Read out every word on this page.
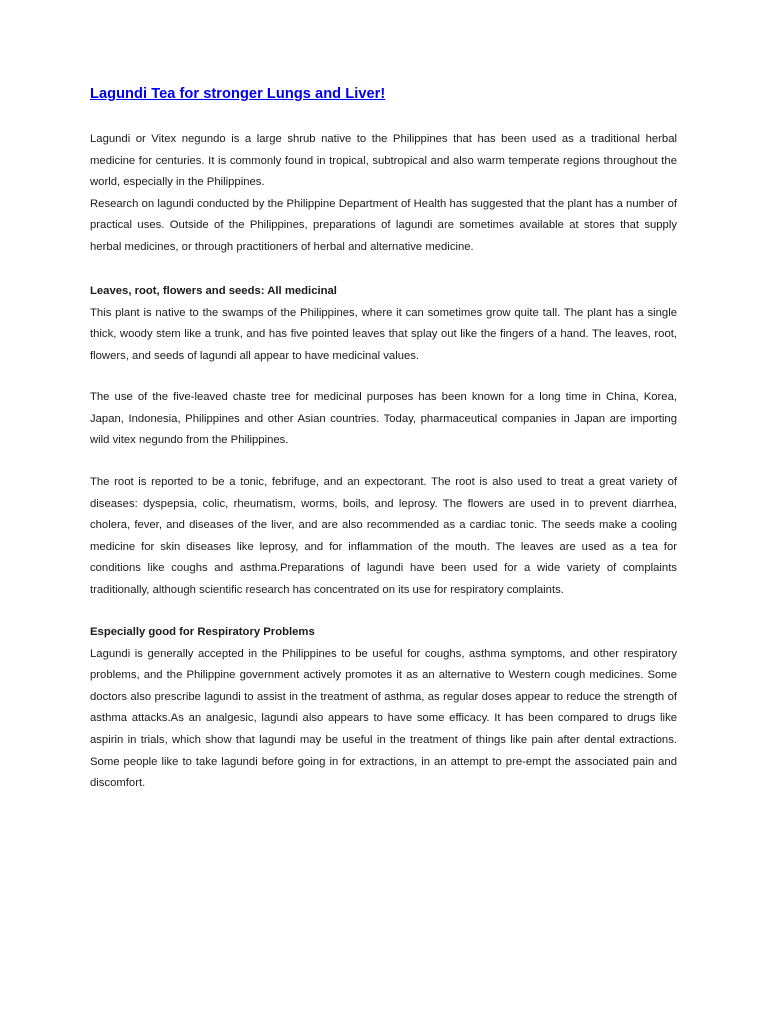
Lagundi Tea for stronger Lungs and Liver!

Lagundi or Vitex negundo is a large shrub native to the Philippines that has been used as a traditional herbal medicine for centuries. It is commonly found in tropical, subtropical and also warm temperate regions throughout the world, especially in the Philippines.

Research on lagundi conducted by the Philippine Department of Health has suggested that the plant has a number of practical uses. Outside of the Philippines, preparations of lagundi are sometimes available at stores that supply herbal medicines, or through practitioners of herbal and alternative medicine.

Leaves, root, flowers and seeds: All medicinal

This plant is native to the swamps of the Philippines, where it can sometimes grow quite tall. The plant has a single thick, woody stem like a trunk, and has five pointed leaves that splay out like the fingers of a hand. The leaves, root, flowers, and seeds of lagundi all appear to have medicinal values.

The use of the five-leaved chaste tree for medicinal purposes has been known for a long time in China, Korea, Japan, Indonesia, Philippines and other Asian countries. Today, pharmaceutical companies in Japan are importing wild vitex negundo from the Philippines.

The root is reported to be a tonic, febrifuge, and an expectorant. The root is also used to treat a great variety of diseases: dyspepsia, colic, rheumatism, worms, boils, and leprosy. The flowers are used in to prevent diarrhea, cholera, fever, and diseases of the liver, and are also recommended as a cardiac tonic. The seeds make a cooling medicine for skin diseases like leprosy, and for inflammation of the mouth. The leaves are used as a tea for conditions like coughs and asthma.Preparations of lagundi have been used for a wide variety of complaints traditionally, although scientific research has concentrated on its use for respiratory complaints.

Especially good for Respiratory Problems

Lagundi is generally accepted in the Philippines to be useful for coughs, asthma symptoms, and other respiratory problems, and the Philippine government actively promotes it as an alternative to Western cough medicines. Some doctors also prescribe lagundi to assist in the treatment of asthma, as regular doses appear to reduce the strength of asthma attacks.As an analgesic, lagundi also appears to have some efficacy. It has been compared to drugs like aspirin in trials, which show that lagundi may be useful in the treatment of things like pain after dental extractions. Some people like to take lagundi before going in for extractions, in an attempt to pre-empt the associated pain and discomfort.
